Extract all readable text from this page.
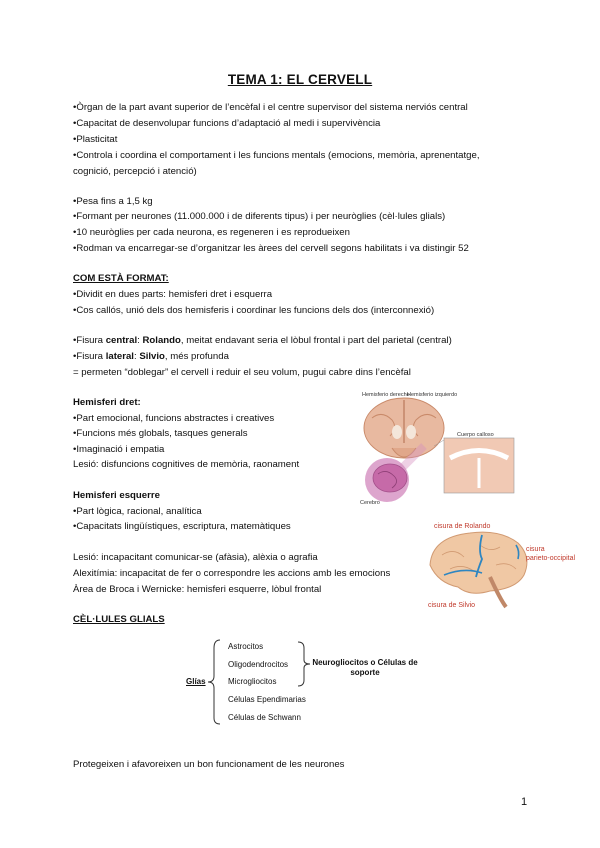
TEMA 1: EL CERVELL
•Òrgan de la part avant superior de l’encèfal i el centre supervisor del sistema nerviós central
•Capacitat de desenvolupar funcions d’adaptació al medi i supervivència
•Plasticitat
•Controla i coordina el comportament i les funcions mentals (emocions, memòria, aprenentatge,
cognició, percepció i atenció)
•Pesa fins a 1,5 kg
•Formant per neurones (11.000.000 i de diferents tipus) i per neuròglies (cèl·lules glials)
•10 neuròglies per cada neurona, es regeneren i es reprodueixen
•Rodman va encarregar-se d’organitzar les àrees del cervell segons habilitats i va distingir 52
COM ESTÀ FORMAT:
•Dividit en dues parts: hemisferi dret i esquerra
•Cos callós, unió dels dos hemisferis i coordinar les funcions dels dos (interconnexió)
•Fisura central: Rolando, meitat endavant seria el lòbul frontal i part del parietal (central)
•Fisura lateral: Silvio, més profunda
= permeten “doblegar” el cervell i reduir el seu volum, pugui cabre dins l’encèfal
Hemisferi dret:
•Part emocional, funcions abstractes i creatives
•Funcions més globals, tasques generals
•Imaginació i empatia
Lesió: disfuncions cognitives de memòria, raonament
Hemisferi esquerre
•Part lògica, racional, analítica
•Capacitats lingüístiques, escriptura, matemàtiques
Lesió: incapacitant comunicar-se (afàsia), alèxia o agrafia
Alexitímia: incapacitat de fer o correspondre les accions amb les emocions
Àrea de Broca i Wernicke: hemisferi esquerre, lòbul frontal
Hemisferio derecho
Hemisferio izquierdo
Cuerpo calloso
Cerebro
cisura de Rolando
cisura parieto-occipital
cisura de Silvio
CÈL·LULES GLIALS
Glías
Astrocitos
Oligodendrocitos
Microgliocitos
Células Ependimarias
Células de Schwann
Neurogliocitos o Células de soporte
Protegeixen i afavoreixen un bon funcionament de les neurones
1
